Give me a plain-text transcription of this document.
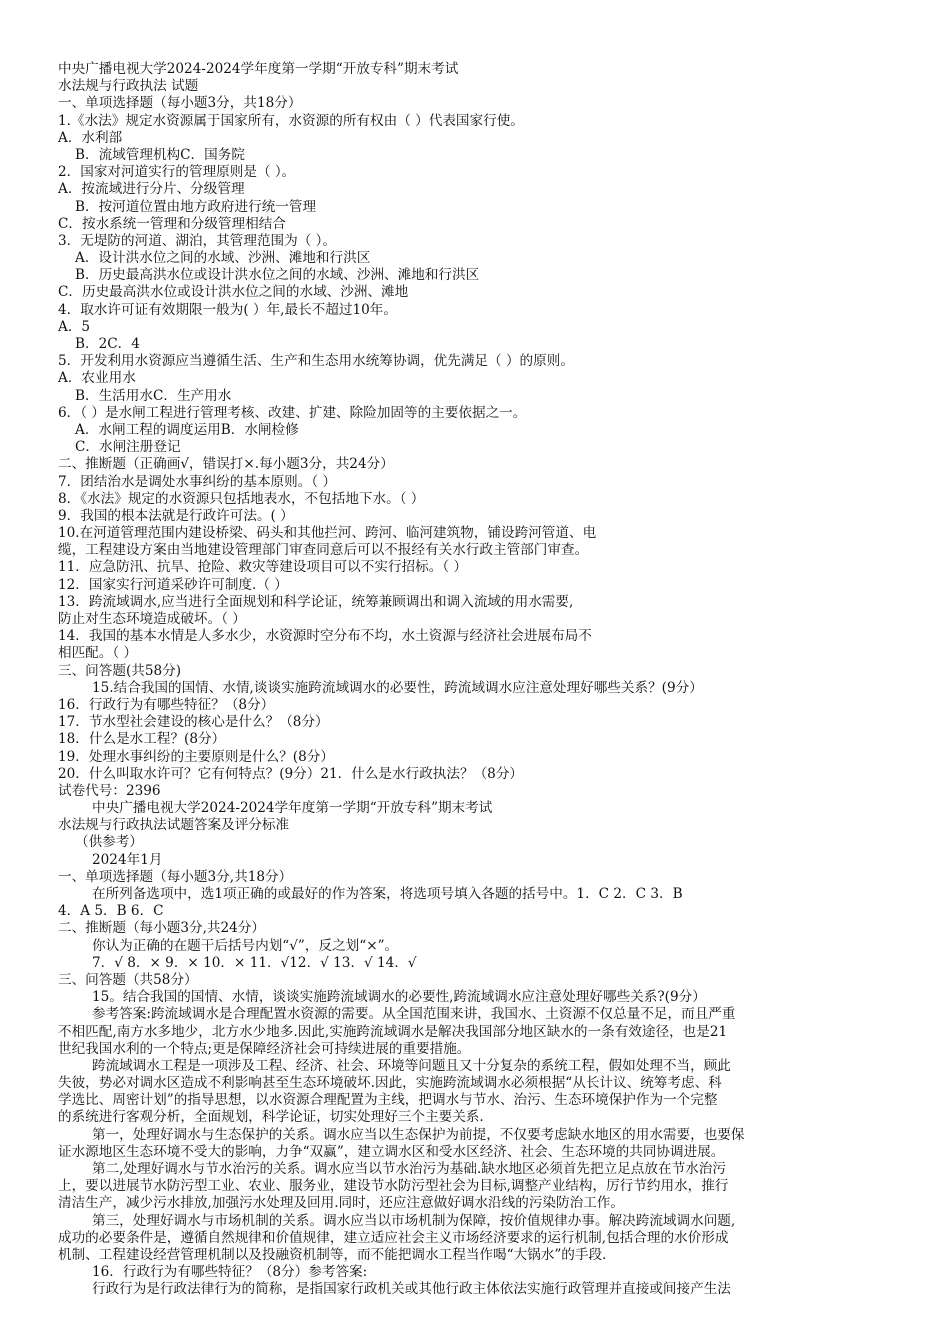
中央广播电视大学2024-2024学年度第一学期“开放专科”期末考试
水法规与行政执法 试题
一、单项选择题（每小题3分，共18分）
1.《水法》规定水资源属于国家所有，水资源的所有权由（ ）代表国家行使。
A．水利部
B．流域管理机构C．国务院
2．国家对河道实行的管理原则是（ ）。
A．按流域进行分片、分级管理
B．按河道位置由地方政府进行统一管理
C．按水系统一管理和分级管理相结合
3．无堤防的河道、湖泊，其管理范围为（ ）。
A．设计洪水位之间的水域、沙洲、滩地和行洪区
B．历史最高洪水位或设计洪水位之间的水域、沙洲、滩地和行洪区
C．历史最高洪水位或设计洪水位之间的水域、沙洲、滩地
4．取水许可证有效期限一般为( ）年,最长不超过10年。
A．5
B．2C．4
5．开发利用水资源应当遵循生活、生产和生态用水统筹协调，优先满足（ ）的原则。
A．农业用水
B．生活用水C．生产用水
6．（ ）是水闸工程进行管理考核、改建、扩建、除险加固等的主要依据之一。
A．水闸工程的调度运用B．水闸检修
C．水闸注册登记
二、推断题（正确画√，错误打×.每小题3分，共24分）
7．团结治水是调处水事纠纷的基本原则。（ ）
8．《水法》规定的水资源只包括地表水，不包括地下水。（ ）
9．我国的根本法就是行政许可法。( ）
10.在河道管理范围内建设桥梁、码头和其他拦河、跨河、临河建筑物，铺设跨河管道、电
缆，工程建设方案由当地建设管理部门审查同意后可以不报经有关水行政主管部门审查。
11．应急防汛、抗旱、抢险、救灾等建设项目可以不实行招标。（ ）
12．国家实行河道采砂许可制度.（ ）
13．跨流域调水,应当进行全面规划和科学论证，统筹兼顾调出和调入流域的用水需要,
防止对生态环境造成破坏。（ ）
14．我国的基本水情是人多水少，水资源时空分布不均，水土资源与经济社会进展布局不
相匹配。（ ）
三、问答题(共58分)
15.结合我国的国情、水情,谈谈实施跨流域调水的必要性，跨流域调水应注意处理好哪些关系？(9分）
16．行政行为有哪些特征？（8分）
17．节水型社会建设的核心是什么？（8分）
18．什么是水工程？(8分）
19．处理水事纠纷的主要原则是什么？(8分）
20．什么叫取水许可？它有何特点？(9分）21．什么是水行政执法？（8分）
试卷代号：2396
中央广播电视大学2024-2024学年度第一学期“开放专科”期末考试
水法规与行政执法试题答案及评分标准
（供参考）
2024年1月
一、单项选择题（每小题3分,共18分）
在所列备选项中，选1项正确的或最好的作为答案，将选项号填入各题的括号中。1．C 2．C 3．B
4．A 5．B 6．C
二、推断题（每小题3分,共24分）
你认为正确的在题干后括号内划“√”，反之划“×”。
7．√ 8．× 9．× 10．× 11．√12．√ 13．√ 14．√
三、问答题（共58分）
15。结合我国的国情、水情，谈谈实施跨流域调水的必要性,跨流域调水应注意处理好哪些关系?(9分）
参考答案:跨流域调水是合理配置水资源的需要。从全国范围来讲，我国水、土资源不仅总量不足，而且严重
不相匹配,南方水多地少，北方水少地多.因此,实施跨流域调水是解决我国部分地区缺水的一条有效途径，也是21
世纪我国水利的一个特点;更是保障经济社会可持续进展的重要措施。
跨流域调水工程是一项涉及工程、经济、社会、环境等问题且又十分复杂的系统工程，假如处理不当，顾此
失彼，势必对调水区造成不利影响甚至生态环境破坏.因此，实施跨流域调水必须根据“从长计议、统筹考虑、科
学选比、周密计划”的指导思想，以水资源合理配置为主线，把调水与节水、治污、生态环境保护作为一个完整
的系统进行客观分析，全面规划，科学论证，切实处理好三个主要关系.
第一，处理好调水与生态保护的关系。调水应当以生态保护为前提，不仅要考虑缺水地区的用水需要，也要保
证水源地区生态环境不受大的影响，力争“双赢”，建立调水区和受水区经济、社会、生态环境的共同协调进展。
第二,处理好调水与节水治污的关系。调水应当以节水治污为基础.缺水地区必须首先把立足点放在节水治污
上，要以进展节水防污型工业、农业、服务业，建设节水防污型社会为目标,调整产业结构，厉行节约用水，推行
清洁生产，减少污水排放,加强污水处理及回用.同时，还应注意做好调水沿线的污染防治工作。
第三，处理好调水与市场机制的关系。调水应当以市场机制为保障，按价值规律办事。解决跨流域调水问题,
成功的必要条件是，遵循自然规律和价值规律，建立适应社会主义市场经济要求的运行机制,包括合理的水价形成
机制、工程建设经营管理机制以及投融资机制等，而不能把调水工程当作喝“大锅水”的手段.
16．行政行为有哪些特征？（8分）参考答案:
行政行为是行政法律行为的简称，是指国家行政机关或其他行政主体依法实施行政管理并直接或间接产生法
